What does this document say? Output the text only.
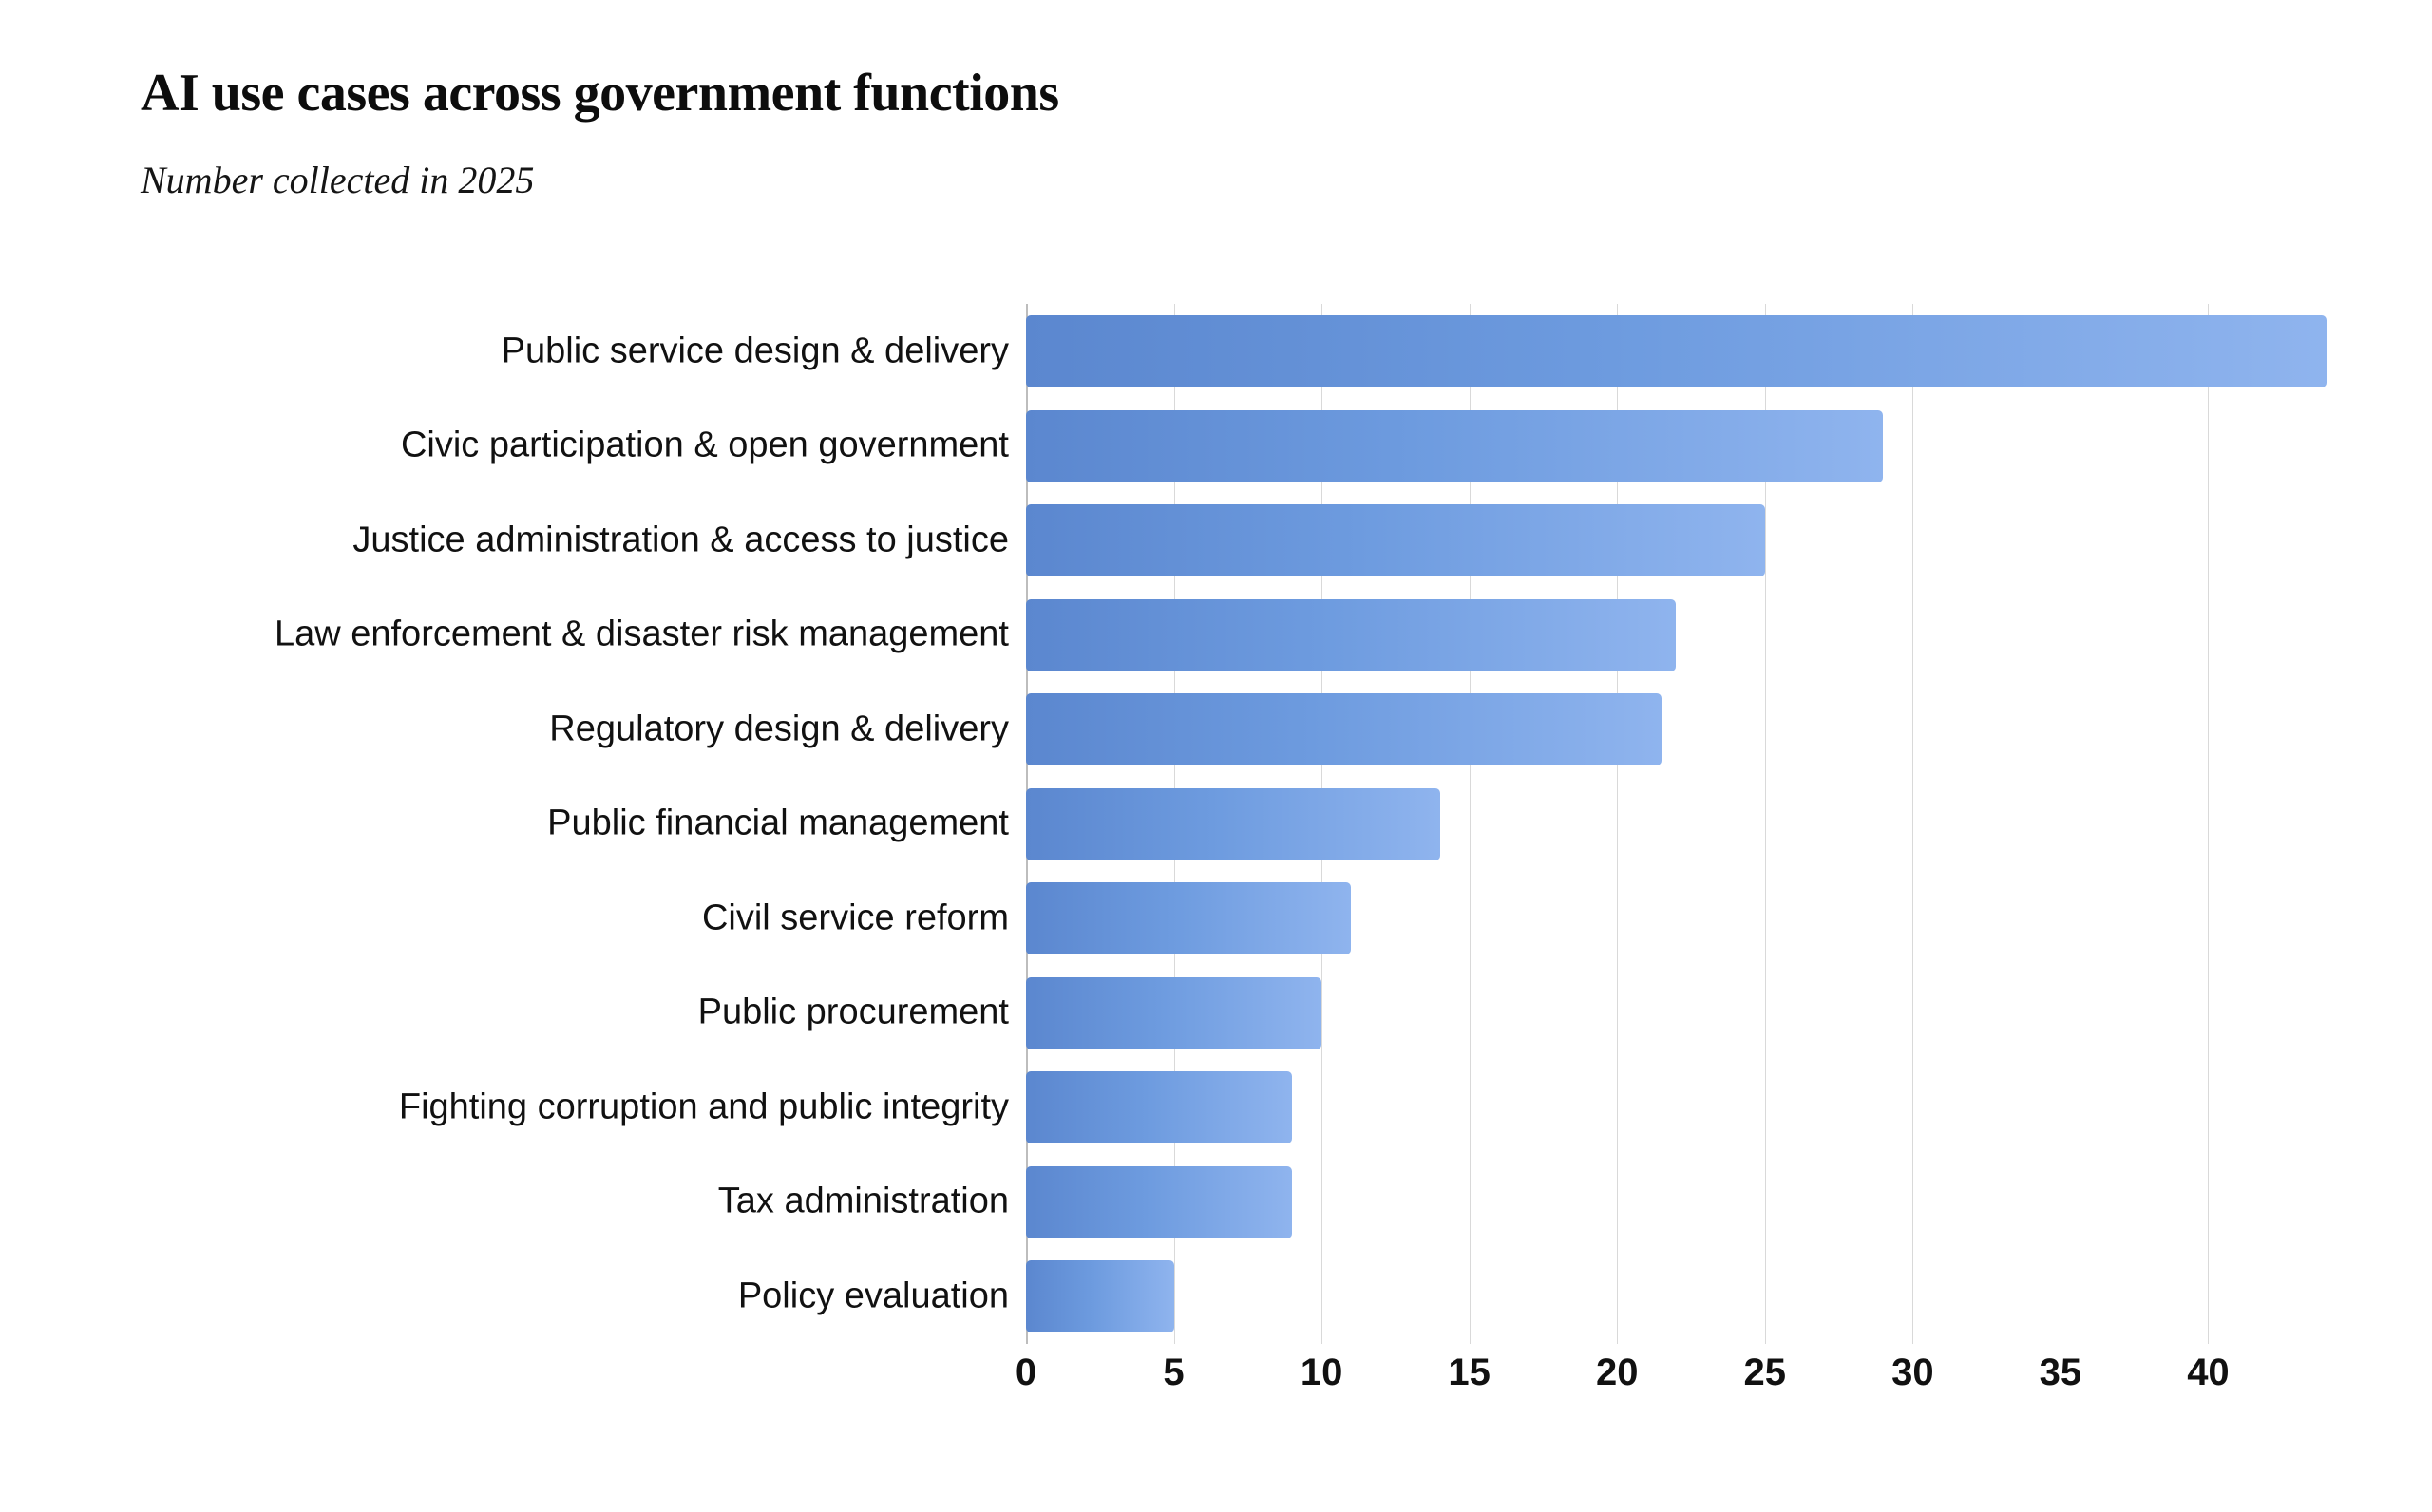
AI use cases across government functions
Number collected in 2025
Public service design & delivery
Civic participation & open government
Justice administration & access to justice
Law enforcement & disaster risk management
Regulatory design & delivery
Public financial management
Civil service reform
Public procurement
Fighting corruption and public integrity
Tax administration
Policy evaluation
0	5	10	15	20	25	30	35	40
